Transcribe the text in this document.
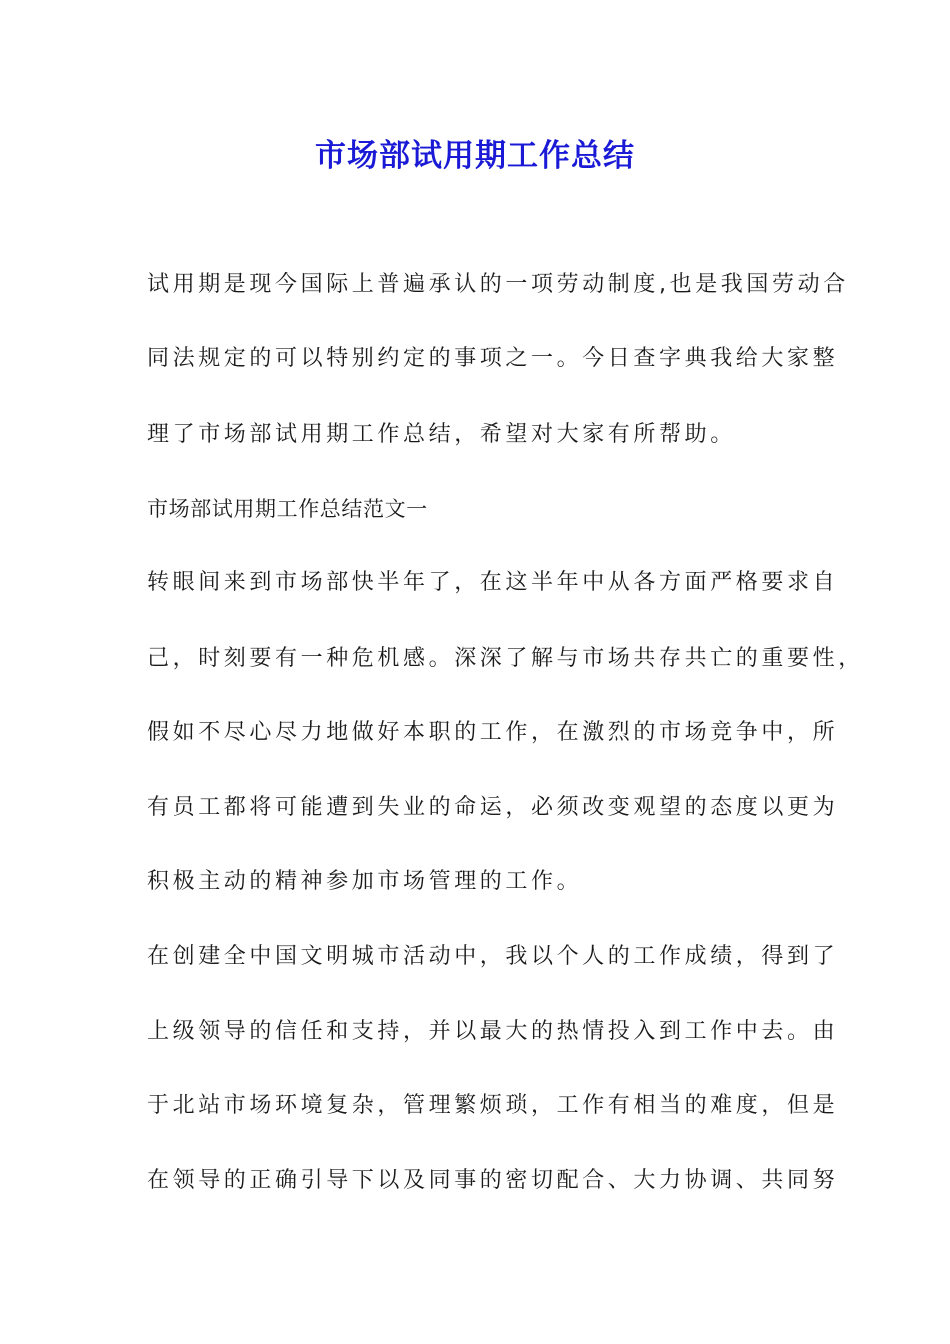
市场部试用期工作总结
试用期是现今国际上普遍承认的一项劳动制度,也是我国劳动合
同法规定的可以特别约定的事项之一。今日查字典我给大家整
理了市场部试用期工作总结，希望对大家有所帮助。
市场部试用期工作总结范文一
转眼间来到市场部快半年了，在这半年中从各方面严格要求自
己，时刻要有一种危机感。深深了解与市场共存共亡的重要性，
假如不尽心尽力地做好本职的工作，在激烈的市场竞争中，所
有员工都将可能遭到失业的命运，必须改变观望的态度以更为
积极主动的精神参加市场管理的工作。
在创建全中国文明城市活动中，我以个人的工作成绩，得到了
上级领导的信任和支持，并以最大的热情投入到工作中去。由
于北站市场环境复杂，管理繁烦琐，工作有相当的难度，但是
在领导的正确引导下以及同事的密切配合、大力协调、共同努
